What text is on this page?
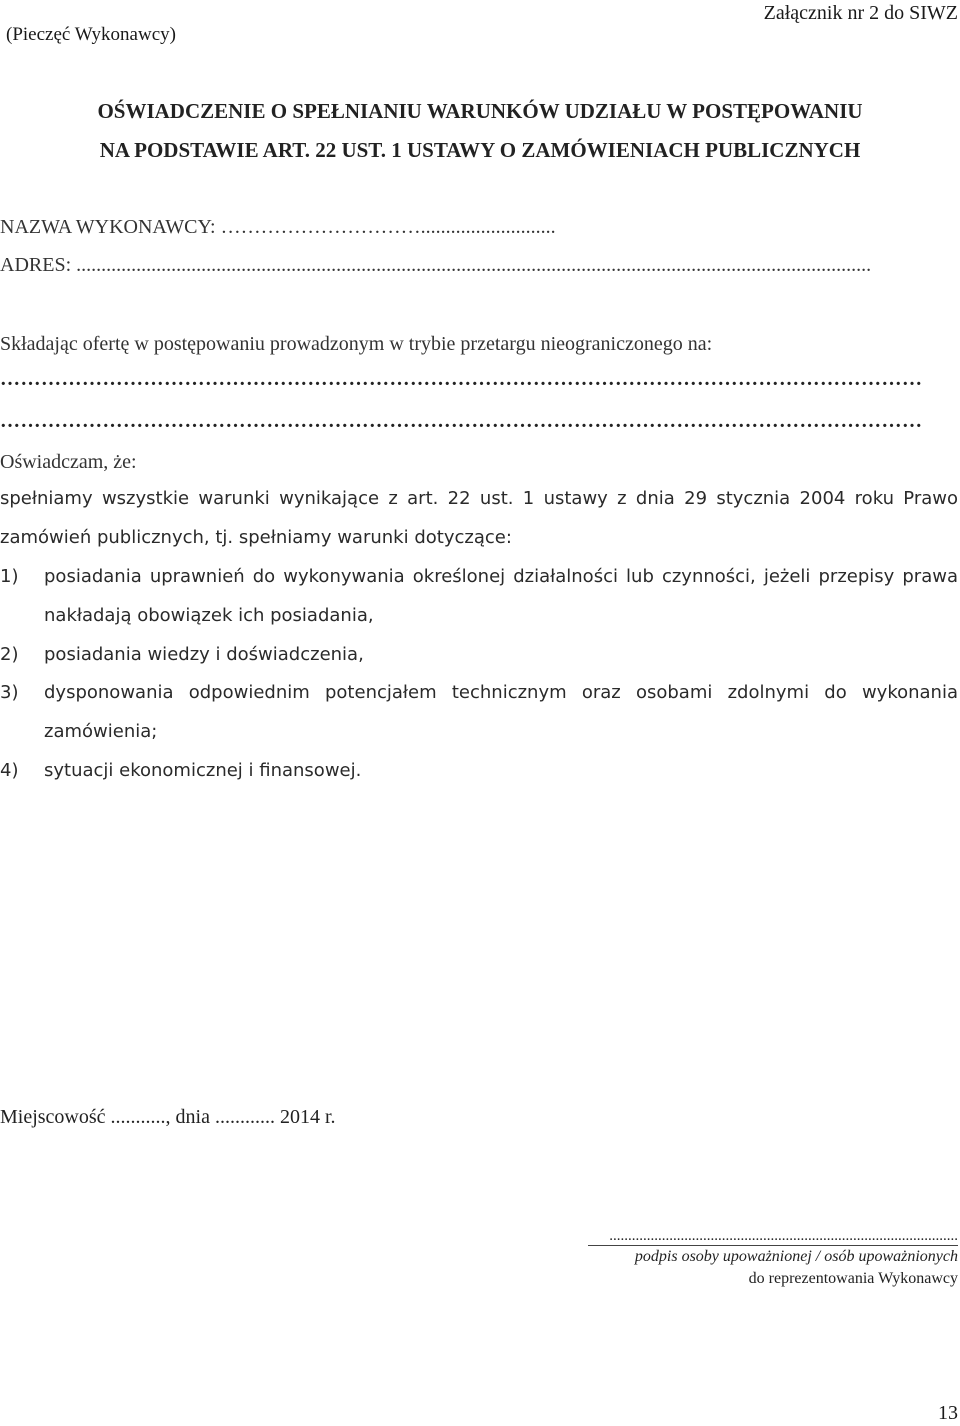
(Pieczęć Wykonawcy)
Załącznik nr 2 do SIWZ
OŚWIADCZENIE O SPEŁNIANIU WARUNKÓW UDZIAŁU W POSTĘPOWANIU
NA PODSTAWIE ART. 22 UST. 1 USTAWY O ZAMÓWIENIACH PUBLICZNYCH
NAZWA WYKONAWCY: …………………………...........................
ADRES: ...............................................................................................................................................................
Składając ofertę w postępowaniu prowadzonym w trybie przetargu nieograniczonego na:
………………………………………………………………………………………………………………………
………………………………………………………………………………………………………………………
Oświadczam, że:
spełniamy wszystkie warunki wynikające z art. 22 ust. 1 ustawy z dnia 29 stycznia 2004 roku Prawo
zamówień publicznych, tj. spełniamy warunki dotyczące:
1) posiadania uprawnień do wykonywania określonej działalności lub czynności, jeżeli przepisy prawa
nakładają obowiązek ich posiadania,
2) posiadania wiedzy i doświadczenia,
3) dysponowania odpowiednim potencjałem technicznym oraz osobami zdolnymi do wykonania
zamówienia;
4) sytuacji ekonomicznej i finansowej.
Miejscowość ..........., dnia ............ 2014 r.
.............................................................................................
podpis osoby upoważnionej / osób upoważnionych
do reprezentowania Wykonawcy
13
